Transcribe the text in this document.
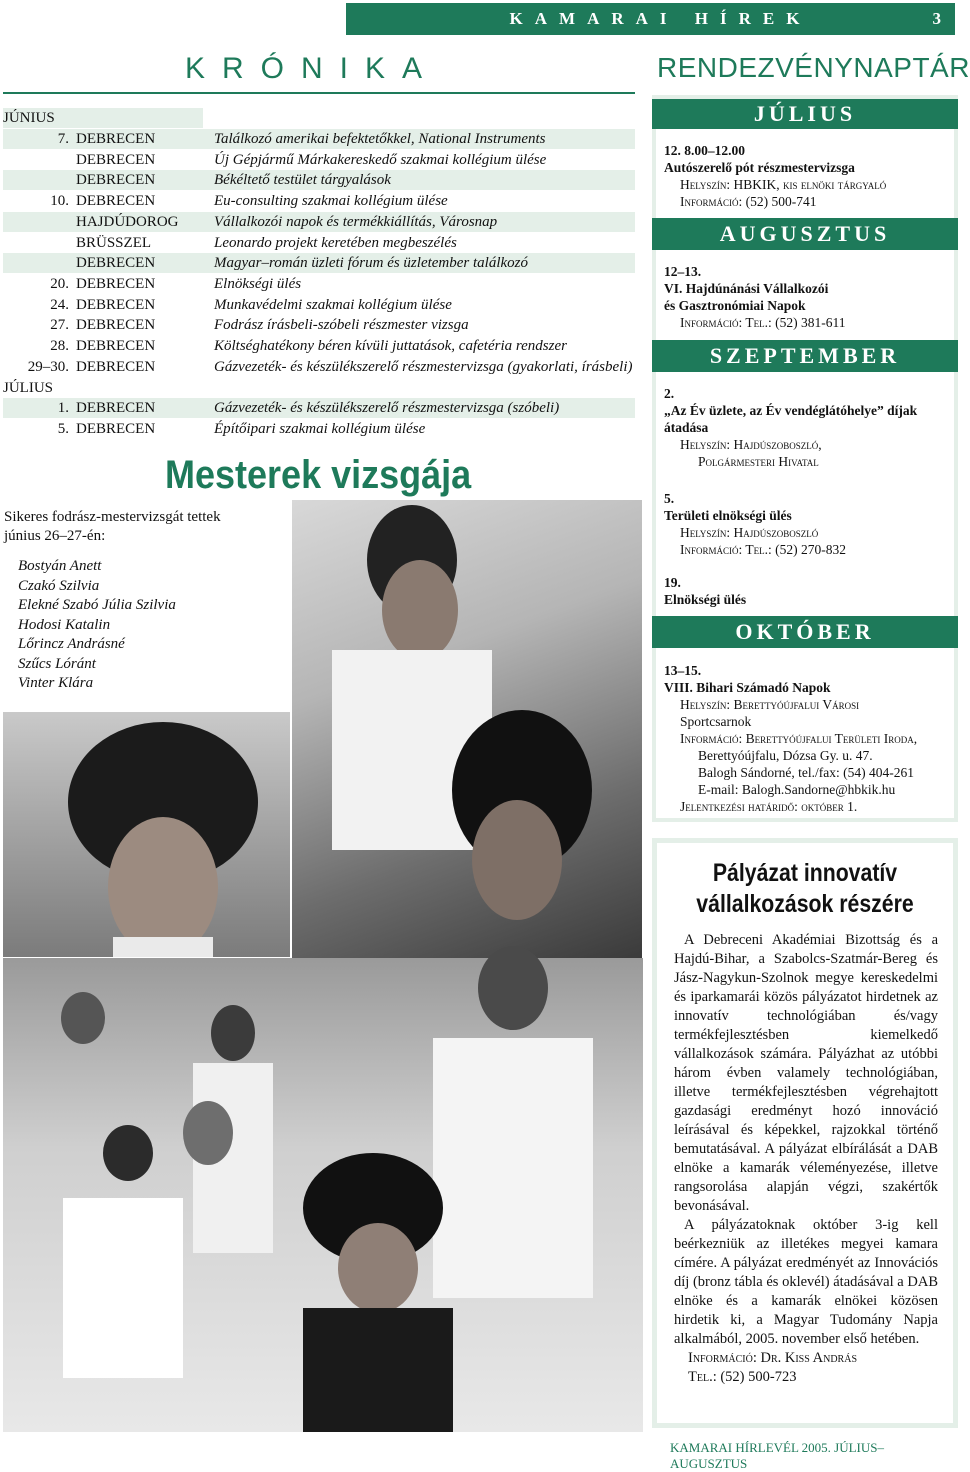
KAMARAI HÍREK	3
KRÓNIKA	RENDEZVÉNYNAPTÁR
JÚNIUS
7. DEBRECEN	Találkozó amerikai befektetőkkel, National Instruments
DEBRECEN	Új Gépjármű Márkakereskedő szakmai kollégium ülése
DEBRECEN	Békéltető testület tárgyalások
10. DEBRECEN	Eu-consulting szakmai kollégium ülése
HAJDÚDOROG Vállalkozói napok és termékkiállítás, Városnap
BRÜSSZEL	Leonardo projekt keretében megbeszélés
DEBRECEN	Magyar–román üzleti fórum és üzletember találkozó
20. DEBRECEN	Elnökségi ülés
24. DEBRECEN	Munkavédelmi szakmai kollégium ülése
27. DEBRECEN	Fodrász írásbeli-szóbeli részmester vizsga
28. DEBRECEN	Költséghatékony béren kívüli juttatások, cafetéria rendszer
29–30. DEBRECEN	Gázvezeték- és készülékszerelő részmestervizsga (gyakorlati, írásbeli)
JÚLIUS
1. DEBRECEN	Gázvezeték- és készülékszerelő részmestervizsga (szóbeli)
5. DEBRECEN	Építőipari szakmai kollégium ülése
Mesterek vizsgája
Sikeres fodrász-mestervizsgát tettek június 26–27-én:
Bostyán Anett
Czakó Szilvia
Elekné Szabó Júlia Szilvia
Hodosi Katalin
Lőrincz Andrásné
Szűcs Lóránt
Vinter Klára
JÚLIUS
12. 8.00–12.00
Autószerelő pót részmestervizsga
Helyszín: HBKIK, kis elnöki tárgyaló
Információ: (52) 500-741
AUGUSZTUS
12–13.
VI. Hajdúnánási Vállalkozói
és Gasztronómiai Napok
Információ: Tel.: (52) 381-611
SZEPTEMBER
2.
„Az Év üzlete, az Év vendéglátóhelye” díjak
átadása
Helyszín: Hajdúszoboszló,
Polgármesteri Hivatal
5.
Területi elnökségi ülés
Helyszín: Hajdúszoboszló
Információ: Tel.: (52) 270-832
19.
Elnökségi ülés
OKTÓBER
13–15.
VIII. Bihari Számadó Napok
Helyszín: Berettyóújfalui Városi
Sportcsarnok
Információ: Berettyóújfalui Területi Iroda,
Berettyóújfalu, Dózsa Gy. u. 47.
Balogh Sándorné, tel./fax: (54) 404-261
E-mail: Balogh.Sandorne@hbkik.hu
Jelentkezési határidő: október 1.
Pályázat innovatív
vállalkozások részére

A Debreceni Akadémiai Bizottság és a Hajdú-Bihar, a Szabolcs-Szatmár-Bereg és Jász-Nagykun-Szolnok megye kereskedelmi és iparkamarái közös pályázatot hirdetnek az innovatív technológiában és/vagy termékfejlesztésben kiemelkedő vállalkozások számára. Pályázhat az utóbbi három évben valamely technológiában, illetve termékfejlesztésben végrehajtott gazdasági eredményt hozó innováció leírásával és képekkel, rajzokkal történő bemutatásával. A pályázat elbírálását a DAB elnöke a kamarák véleményezése, illetve rangsorolása alapján végzi, szakértők bevonásával.

A pályázatoknak október 3-ig kell beérkezniük az illetékes megyei kamara címére. A pályázat eredményét az Innovációs díj (bronz tábla és oklevél) átadásával a DAB elnöke és a kamarák elnökei közösen hirdetik ki, a Magyar Tudomány Napja alkalmából, 2005. november első hetében.

Információ: Dr. Kiss András
Tel.: (52) 500-723
KAMARAI HÍRLEVÉL 2005. JÚLIUS–AUGUSZTUS
